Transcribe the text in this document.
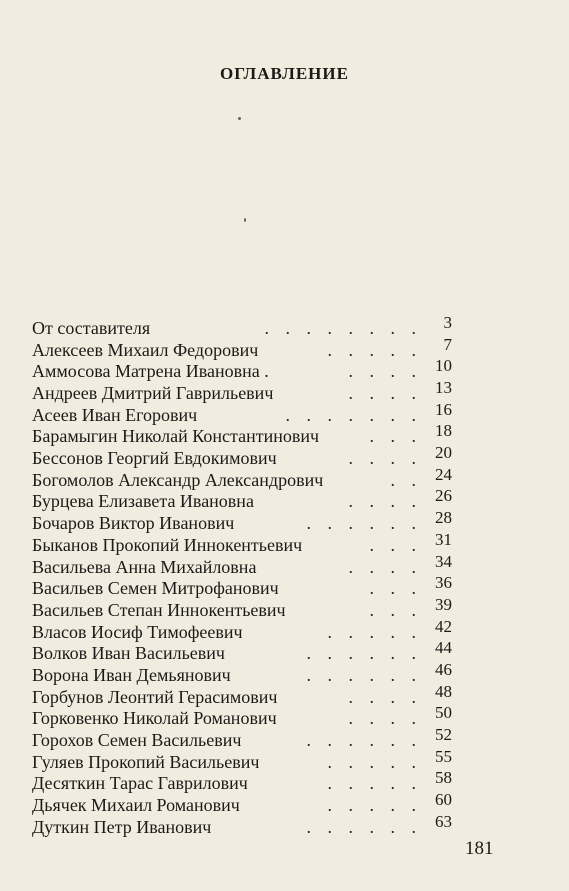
ОГЛАВЛЕНИЕ
От составителя	. . . . . . . . 3
Алексеев Михаил Федорович	. . . . . 7
Аммосова Матрена Ивановна .	. . . . 10
Андреев Дмитрий Гаврильевич	. . . . 13
Асеев Иван Егорович	. . . . . . . 16
Барамыгин Николай Константинович	. . . 18
Бессонов Георгий Евдокимович	. . . . 20
Богомолов Александр Александрович	. . 24
Бурцева Елизавета Ивановна	. . . . 26
Бочаров Виктор Иванович	. . . . . . 28
Быканов Прокопий Иннокентьевич	. . . 31
Васильева Анна Михайловна	. . . . 34
Васильев Семен Митрофанович	. . . 36
Васильев Степан Иннокентьевич	. . . 39
Власов Иосиф Тимофеевич	. . . . . 42
Волков Иван Васильевич	. . . . . . 44
Ворона Иван Демьянович	. . . . . . 46
Горбунов Леонтий Герасимович	. . . . 48
Горковенко Николай Романович	. . . . 50
Горохов Семен Васильевич	. . . . . . 52
Гуляев Прокопий Васильевич	. . . . . 55
Десяткин Тарас Гаврилович	. . . . . 58
Дьячек Михаил Романович	. . . . . 60
Дуткин Петр Иванович	. . . . . . 63
181
